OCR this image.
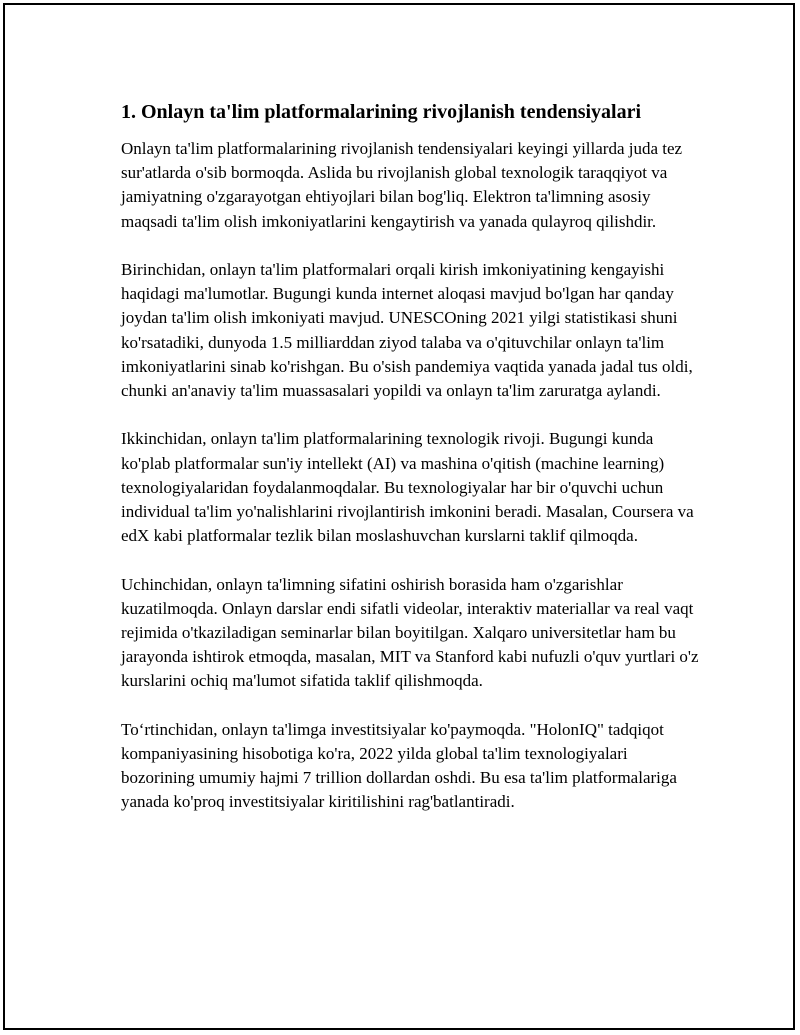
1. Onlayn ta'lim platformalarining rivojlanish tendensiyalari

Onlayn ta'lim platformalarining rivojlanish tendensiyalari keyingi yillarda juda tez sur'atlarda o'sib bormoqda. Aslida bu rivojlanish global texnologik taraqqiyot va jamiyatning o'zgarayotgan ehtiyojlari bilan bog'liq. Elektron ta'limning asosiy maqsadi ta'lim olish imkoniyatlarini kengaytirish va yanada qulayroq qilishdir.

Birinchidan, onlayn ta'lim platformalari orqali kirish imkoniyatining kengayishi haqidagi ma'lumotlar. Bugungi kunda internet aloqasi mavjud bo'lgan har qanday joydan ta'lim olish imkoniyati mavjud. UNESCOning 2021 yilgi statistikasi shuni ko'rsatadiki, dunyoda 1.5 milliarddan ziyod talaba va o'qituvchilar onlayn ta'lim imkoniyatlarini sinab ko'rishgan. Bu o'sish pandemiya vaqtida yanada jadal tus oldi, chunki an'anaviy ta'lim muassasalari yopildi va onlayn ta'lim zaruratga aylandi.

Ikkinchidan, onlayn ta'lim platformalarining texnologik rivoji. Bugungi kunda ko'plab platformalar sun'iy intellekt (AI) va mashina o'qitish (machine learning) texnologiyalaridan foydalanmoqdalar. Bu texnologiyalar har bir o'quvchi uchun individual ta'lim yo'nalishlarini rivojlantirish imkonini beradi. Masalan, Coursera va edX kabi platformalar tezlik bilan moslashuvchan kurslarni taklif qilmoqda.

Uchinchidan, onlayn ta'limning sifatini oshirish borasida ham o'zgarishlar kuzatilmoqda. Onlayn darslar endi sifatli videolar, interaktiv materiallar va real vaqt rejimida o'tkaziladigan seminarlar bilan boyitilgan. Xalqaro universitetlar ham bu jarayonda ishtirok etmoqda, masalan, MIT va Stanford kabi nufuzli o'quv yurtlari o'z kurslarini ochiq ma'lumot sifatida taklif qilishmoqda.

To‘rtinchidan, onlayn ta'limga investitsiyalar ko'paymoqda. "HolonIQ" tadqiqot kompaniyasining hisobotiga ko'ra, 2022 yilda global ta'lim texnologiyalari bozorining umumiy hajmi 7 trillion dollardan oshdi. Bu esa ta'lim platformalariga yanada ko'proq investitsiyalar kiritilishini rag'batlantiradi.
